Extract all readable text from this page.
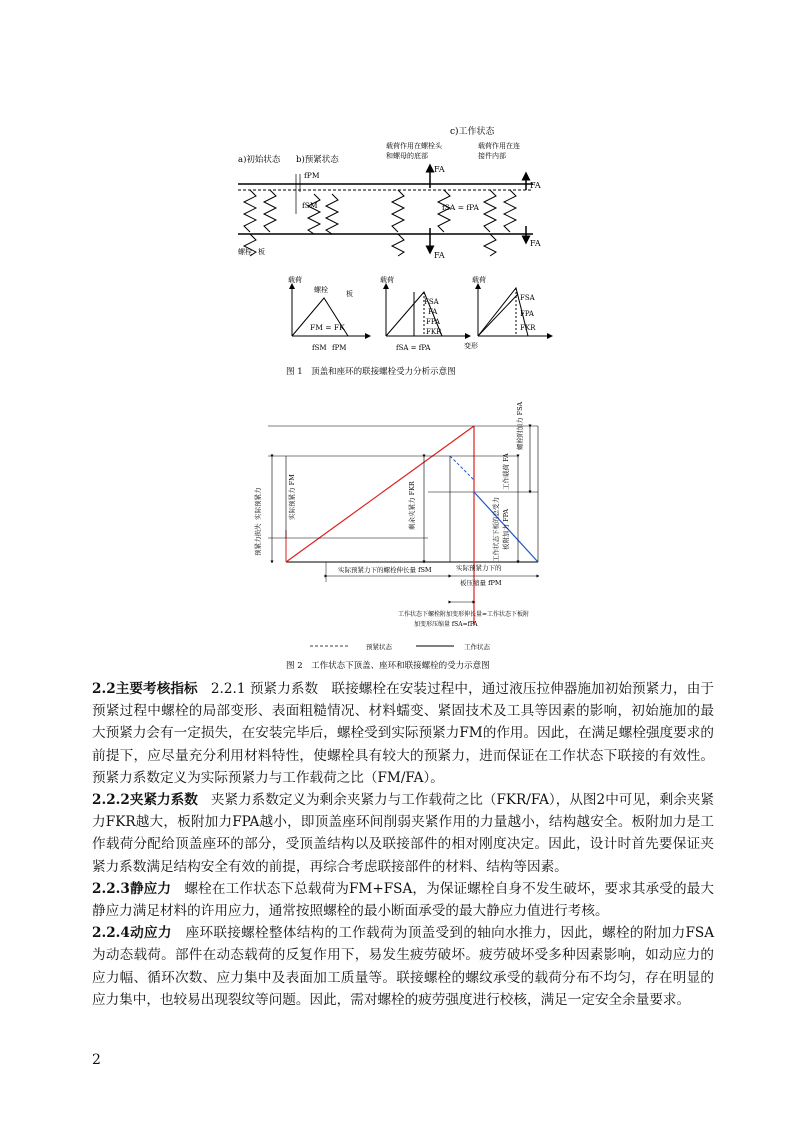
c)工作状态
a)初始状态 b)预紧状态
载荷作用在螺栓头
和螺母的底部
载荷作用在连
接件内部
fPM
fSM
FA
FA
FA
FA
fSA = fPA
螺栓 板
载荷
螺栓	板
FM = FK
fSM fPM
载荷
变形
FSA
FA
FPA
FKR
fSA = fPA
载荷
FSA
FPA
FKR
图 1　顶盖和座环的联接螺栓受力分析示意图
实际预紧力
预紧力损失
实际预紧力 FM	剩余夹紧力 FKR
螺栓附加力 FSA
工作载荷 FA
板附加力 FPA
工作状态下板的总受力
实际预紧力下的螺栓伸长量 fSM	实际预紧力下的
板压缩量 fPM
工作状态下螺栓附加变形伸长量=工作状态下板附
加变形压缩量 fSA=fPA
预紧状态	工作状态
图 2　工作状态下顶盖、座环和联接螺栓的受力示意图

2.2主要考核指标 2.2.1 预紧力系数 联接螺栓在安装过程中，通过液压拉伸器施加初始预紧力，由于预紧过程中螺栓的局部变形、表面粗糙情况、材料蠕变、紧固技术及工具等因素的影响，初始施加的最大预紧力会有一定损失，在安装完毕后，螺栓受到实际预紧力FM的作用。因此，在满足螺栓强度要求的前提下，应尽量充分利用材料特性，使螺栓具有较大的预紧力，进而保证在工作状态下联接的有效性。预紧力系数定义为实际预紧力与工作载荷之比（FM/FA）。

2.2.2夹紧力系数 夹紧力系数定义为剩余夹紧力与工作载荷之比（FKR/FA），从图2中可见，剩余夹紧力FKR越大，板附加力FPA越小，即顶盖座环间削弱夹紧作用的力量越小，结构越安全。板附加力是工作载荷分配给顶盖座环的部分，受顶盖结构以及联接部件的相对刚度决定。因此，设计时首先要保证夹紧力系数满足结构安全有效的前提，再综合考虑联接部件的材料、结构等因素。

2.2.3静应力 螺栓在工作状态下总载荷为FM+FSA，为保证螺栓自身不发生破坏，要求其承受的最大静应力满足材料的许用应力，通常按照螺栓的最小断面承受的最大静应力值进行考核。

2.2.4动应力 座环联接螺栓整体结构的工作载荷为顶盖受到的轴向水推力，因此，螺栓的附加力FSA为动态载荷。部件在动态载荷的反复作用下，易发生疲劳破坏。疲劳破坏受多种因素影响，如动应力的应力幅、循环次数、应力集中及表面加工质量等。联接螺栓的螺纹承受的载荷分布不均匀，存在明显的应力集中，也较易出现裂纹等问题。因此，需对螺栓的疲劳强度进行校核，满足一定安全余量要求。

2
